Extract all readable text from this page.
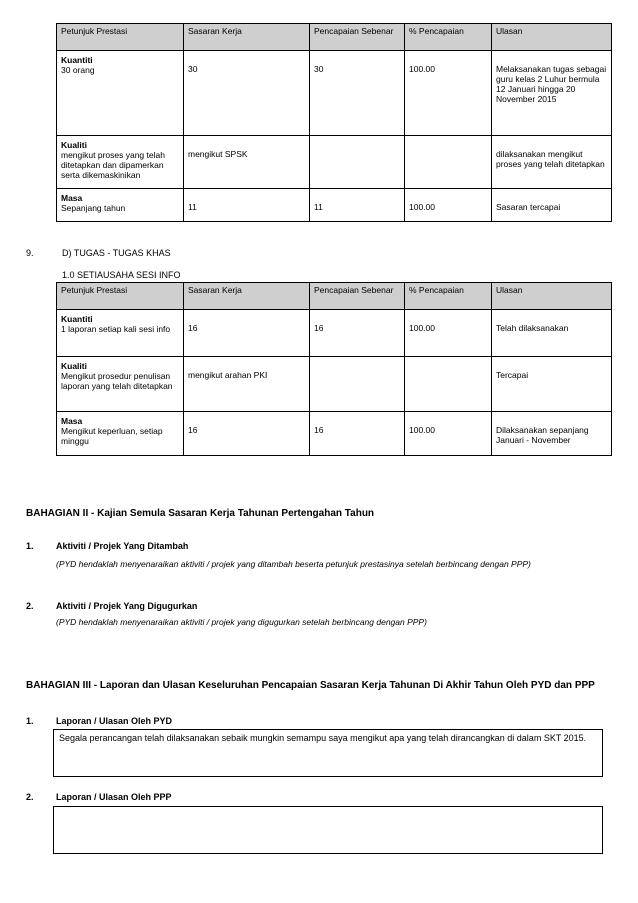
Petunjuk Prestasi	Sasaran Kerja	Pencapaian Sebenar	% Pencapaian	Ulasan

Kuantiti
30 orang	30	30	100.00	Melaksanakan tugas sebagai guru kelas 2 Luhur bermula 12 Januari hingga 20 November 2015

Kualiti
mengikut proses yang telah ditetapkan dan dipamerkan serta dikemaskinikan	mengikut SPSK			dilaksanakan mengikut proses yang telah ditetapkan

Masa
Sepanjang tahun	11	11	100.00	Sasaran tercapai
9.	D) TUGAS - TUGAS KHAS
1.0 SETIAUSAHA SESI INFO
Petunjuk Prestasi	Sasaran Kerja	Pencapaian Sebenar	% Pencapaian	Ulasan

Kuantiti
1 laporan setiap kali sesi info	16	16	100.00	Telah dilaksanakan

Kualiti
Mengikut prosedur penulisan laporan yang telah ditetapkan	mengikut arahan PKI			Tercapai

Masa
Mengikut keperluan, setiap minggu	16	16	100.00	Dilaksanakan sepanjang Januari - November
BAHAGIAN II - Kajian Semula Sasaran Kerja Tahunan Pertengahan Tahun
1. Aktiviti / Projek Yang Ditambah
(PYD hendaklah menyenaraikan aktiviti / projek yang ditambah beserta petunjuk prestasinya setelah berbincang dengan PPP)
2. Aktiviti / Projek Yang Digugurkan
(PYD hendaklah menyenaraikan aktiviti / projek yang digugurkan setelah berbincang dengan PPP)
BAHAGIAN III - Laporan dan Ulasan Keseluruhan Pencapaian Sasaran Kerja Tahunan Di Akhir Tahun Oleh PYD dan PPP
1. Laporan / Ulasan Oleh PYD
Segala perancangan telah dilaksanakan sebaik mungkin semampu saya mengikut apa yang telah dirancangkan di dalam SKT 2015.
2. Laporan / Ulasan Oleh PPP
